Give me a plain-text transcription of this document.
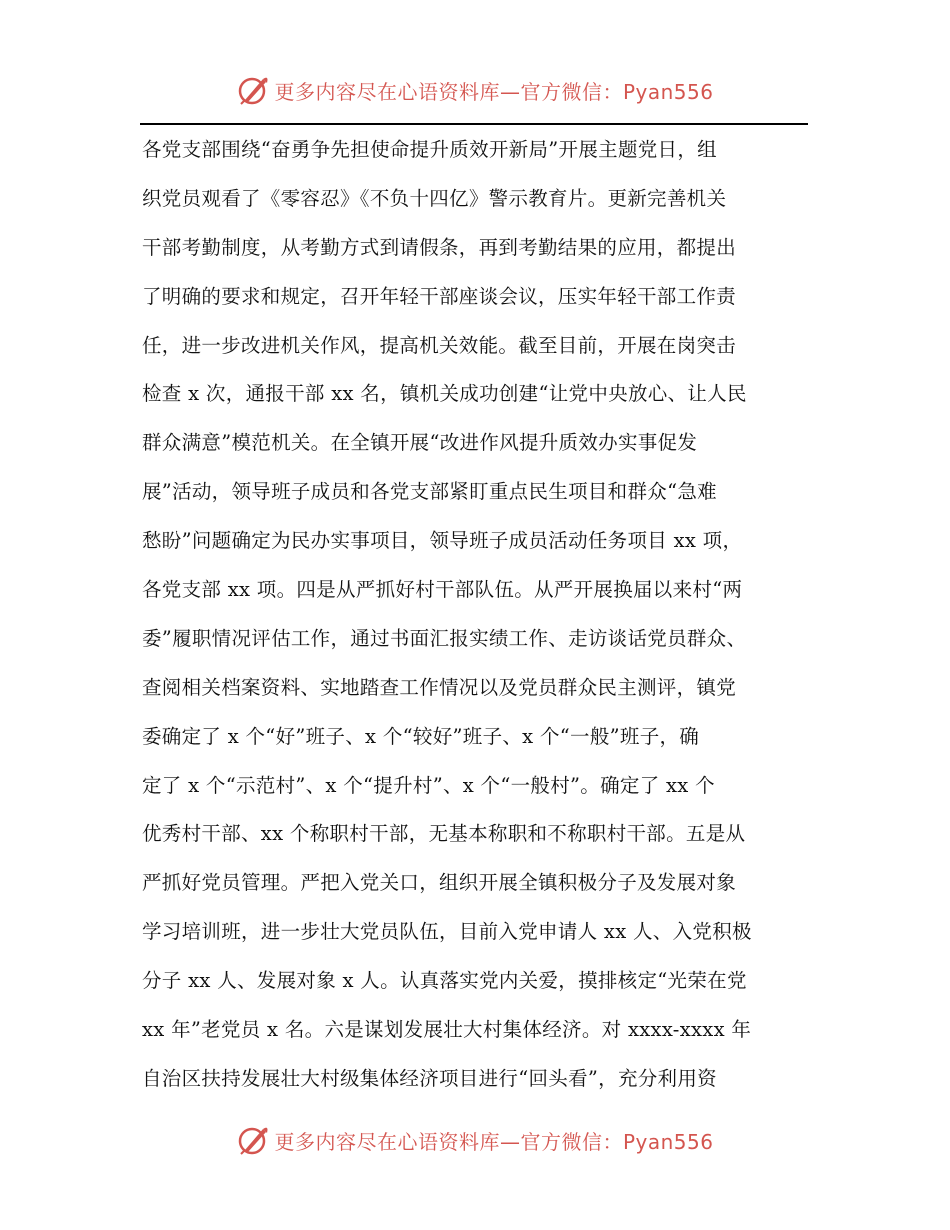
更多内容尽在心语资料库—官方微信：Pyan556
各党支部围绕“奋勇争先担使命提升质效开新局”开展主题党日，组
织党员观看了《零容忍》《不负十四亿》警示教育片。更新完善机关
干部考勤制度，从考勤方式到请假条，再到考勤结果的应用，都提出
了明确的要求和规定，召开年轻干部座谈会议，压实年轻干部工作责
任，进一步改进机关作风，提高机关效能。截至目前，开展在岗突击
检查 x 次，通报干部 xx 名，镇机关成功创建“让党中央放心、让人民
群众满意”模范机关。在全镇开展“改进作风提升质效办实事促发
展”活动，领导班子成员和各党支部紧盯重点民生项目和群众“急难
愁盼”问题确定为民办实事项目，领导班子成员活动任务项目 xx 项，
各党支部 xx 项。四是从严抓好村干部队伍。从严开展换届以来村“两
委”履职情况评估工作，通过书面汇报实绩工作、走访谈话党员群众、
查阅相关档案资料、实地踏查工作情况以及党员群众民主测评，镇党
委确定了 x 个“好”班子、x 个“较好”班子、x 个“一般”班子，确
定了 x 个“示范村”、x 个“提升村”、x 个“一般村”。确定了 xx 个
优秀村干部、xx 个称职村干部，无基本称职和不称职村干部。五是从
严抓好党员管理。严把入党关口，组织开展全镇积极分子及发展对象
学习培训班，进一步壮大党员队伍，目前入党申请人 xx 人、入党积极
分子 xx 人、发展对象 x 人。认真落实党内关爱，摸排核定“光荣在党
xx 年”老党员 x 名。六是谋划发展壮大村集体经济。对 xxxx-xxxx 年
自治区扶持发展壮大村级集体经济项目进行“回头看”，充分利用资
更多内容尽在心语资料库—官方微信：Pyan556
